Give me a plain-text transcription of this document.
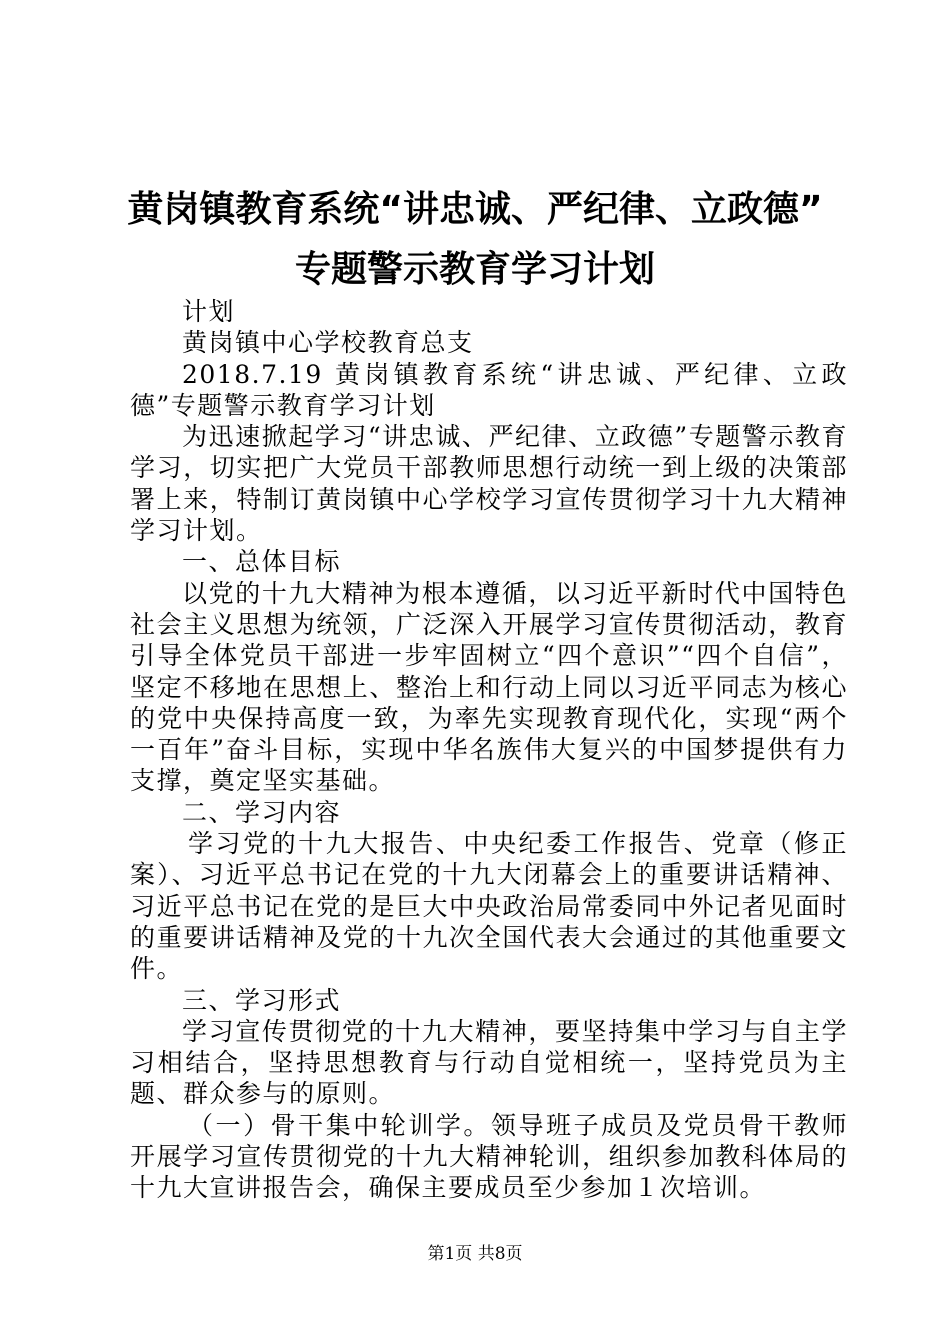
黄岗镇教育系统“讲忠诚、严纪律、立政德”
专题警示教育学习计划

计划

黄岗镇中心学校教育总支

2018.7.19 黄岗镇教育系统“讲忠诚、严纪律、立政德”专题警示教育学习计划

为迅速掀起学习“讲忠诚、严纪律、立政德”专题警示教育学习，切实把广大党员干部教师思想行动统一到上级的决策部署上来，特制订黄岗镇中心学校学习宣传贯彻学习十九大精神学习计划。

一、总体目标

以党的十九大精神为根本遵循，以习近平新时代中国特色社会主义思想为统领，广泛深入开展学习宣传贯彻活动，教育引导全体党员干部进一步牢固树立“四个意识”“四个自信”，坚定不移地在思想上、整治上和行动上同以习近平同志为核心的党中央保持高度一致，为率先实现教育现代化，实现“两个一百年”奋斗目标，实现中华名族伟大复兴的中国梦提供有力支撑，奠定坚实基础。

二、学习内容

学习党的十九大报告、中央纪委工作报告、党章（修正案）、习近平总书记在党的十九大闭幕会上的重要讲话精神、习近平总书记在党的是巨大中央政治局常委同中外记者见面时的重要讲话精神及党的十九次全国代表大会通过的其他重要文件。

三、学习形式

学习宣传贯彻党的十九大精神，要坚持集中学习与自主学习相结合，坚持思想教育与行动自觉相统一，坚持党员为主题、群众参与的原则。

（一）骨干集中轮训学。领导班子成员及党员骨干教师开展学习宣传贯彻党的十九大精神轮训，组织参加教科体局的十九大宣讲报告会，确保主要成员至少参加１次培训。

第1页 共8页
